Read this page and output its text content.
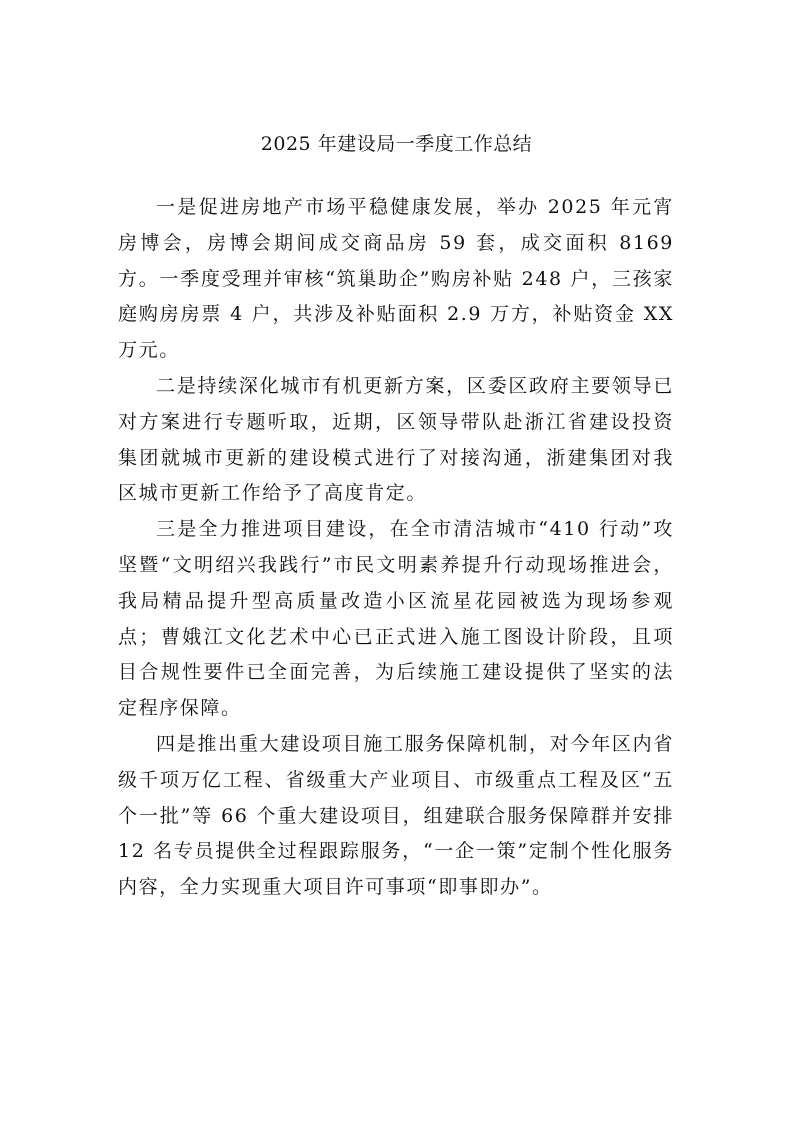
2025 年建设局一季度工作总结

一是促进房地产市场平稳健康发展，举办 2025 年元宵房博会，房博会期间成交商品房 59 套，成交面积 8169 方。一季度受理并审核“筑巢助企”购房补贴 248 户，三孩家庭购房房票 4 户，共涉及补贴面积 2.9 万方，补贴资金 XX 万元。

二是持续深化城市有机更新方案，区委区政府主要领导已对方案进行专题听取，近期，区领导带队赴浙江省建设投资集团就城市更新的建设模式进行了对接沟通，浙建集团对我区城市更新工作给予了高度肯定。

三是全力推进项目建设，在全市清洁城市“410 行动”攻坚暨“文明绍兴我践行”市民文明素养提升行动现场推进会，我局精品提升型高质量改造小区流星花园被选为现场参观点；曹娥江文化艺术中心已正式进入施工图设计阶段，且项目合规性要件已全面完善，为后续施工建设提供了坚实的法定程序保障。

四是推出重大建设项目施工服务保障机制，对今年区内省级千项万亿工程、省级重大产业项目、市级重点工程及区“五个一批”等 66 个重大建设项目，组建联合服务保障群并安排 12 名专员提供全过程跟踪服务，“一企一策”定制个性化服务内容，全力实现重大项目许可事项“即事即办”。
